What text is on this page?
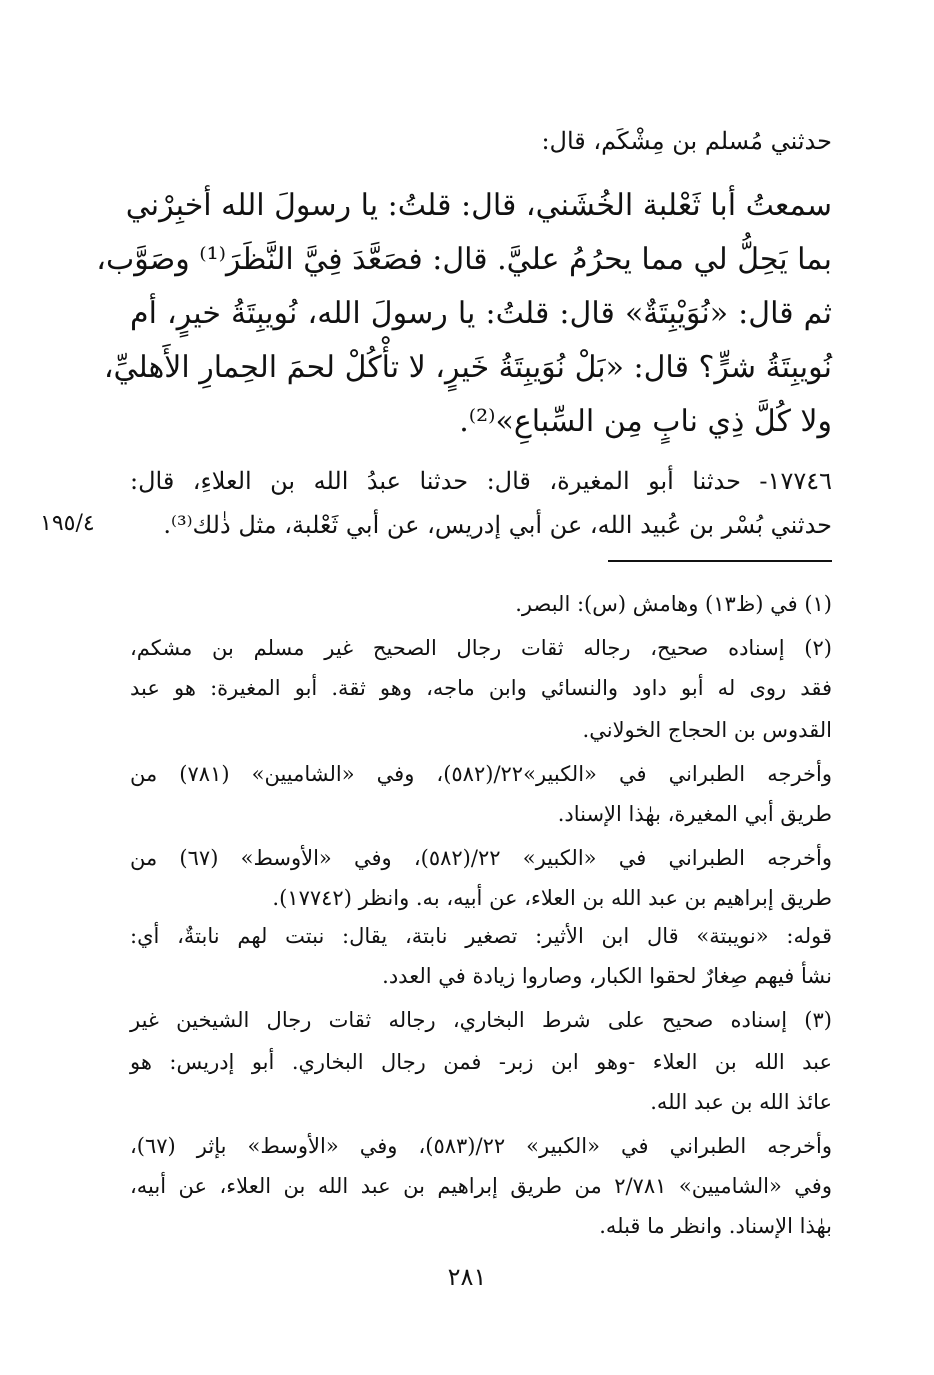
حدثني مُسلم بن مِشْكَم، قال:
سمعتُ أبا ثَعْلبة الخُشَني، قال: قلتُ: يا رسولَ الله أخبِرْني
بما يَحِلُّ لي مما يحرُمُ عليَّ. قال: فصَعَّدَ فِيَّ النَّظَرَ⁽¹⁾ وصَوَّب،
ثم قال: «نُوَيْبِتَةٌ» قال: قلتُ: يا رسولَ الله، نُويبِتَةُ خيرٍ، أم
نُويبِتَةُ شرٍّ؟ قال: «بَلْ نُوَيبِتَةُ خَيرٍ، لا تأْكُلْ لحمَ الحِمارِ الأَهليِّ،
ولا كُلَّ ذِي نابٍ مِن السِّباعِ»⁽²⁾.
١٧٧٤٦- حدثنا أبو المغيرة، قال: حدثنا عبدُ الله بن العلاءِ، قال:
حدثني بُسْر بن عُبيد الله، عن أبي إدريس، عن أبي ثَعْلبة، مثل ذٰلك⁽³⁾.
١٩٥/٤
(١) في (ظ١٣) وهامش (س): البصر.
(٢) إسناده صحيح، رجاله ثقات رجال الصحيح غير مسلم بن مشكم،
فقد روى له أبو داود والنسائي وابن ماجه، وهو ثقة. أبو المغيرة: هو عبد
القدوس بن الحجاج الخولاني.
وأخرجه الطبراني في «الكبير»٢٢/(٥٨٢)، وفي «الشاميين» (٧٨١) من
طريق أبي المغيرة، بهٰذا الإسناد.
وأخرجه الطبراني في «الكبير» ٢٢/(٥٨٢)، وفي «الأوسط» (٦٧) من
طريق إبراهيم بن عبد الله بن العلاء، عن أبيه، به. وانظر (١٧٧٤٢).
قوله: «نويبتة» قال ابن الأثير: تصغير نابتة، يقال: نبتت لهم نابتةٌ، أي:
نشأ فيهم صِغارٌ لحقوا الكبار، وصاروا زيادة في العدد.
(٣) إسناده صحيح على شرط البخاري، رجاله ثقات رجال الشيخين غير
عبد الله بن العلاء -وهو ابن زبر- فمن رجال البخاري. أبو إدريس: هو
عائذ الله بن عبد الله.
وأخرجه الطبراني في «الكبير» ٢٢/(٥٨٣)، وفي «الأوسط» بإثر (٦٧)،
وفي «الشاميين» ٢/٧٨١ من طريق إبراهيم بن عبد الله بن العلاء، عن أبيه،
بهٰذا الإسناد. وانظر ما قبله.
٢٨١
